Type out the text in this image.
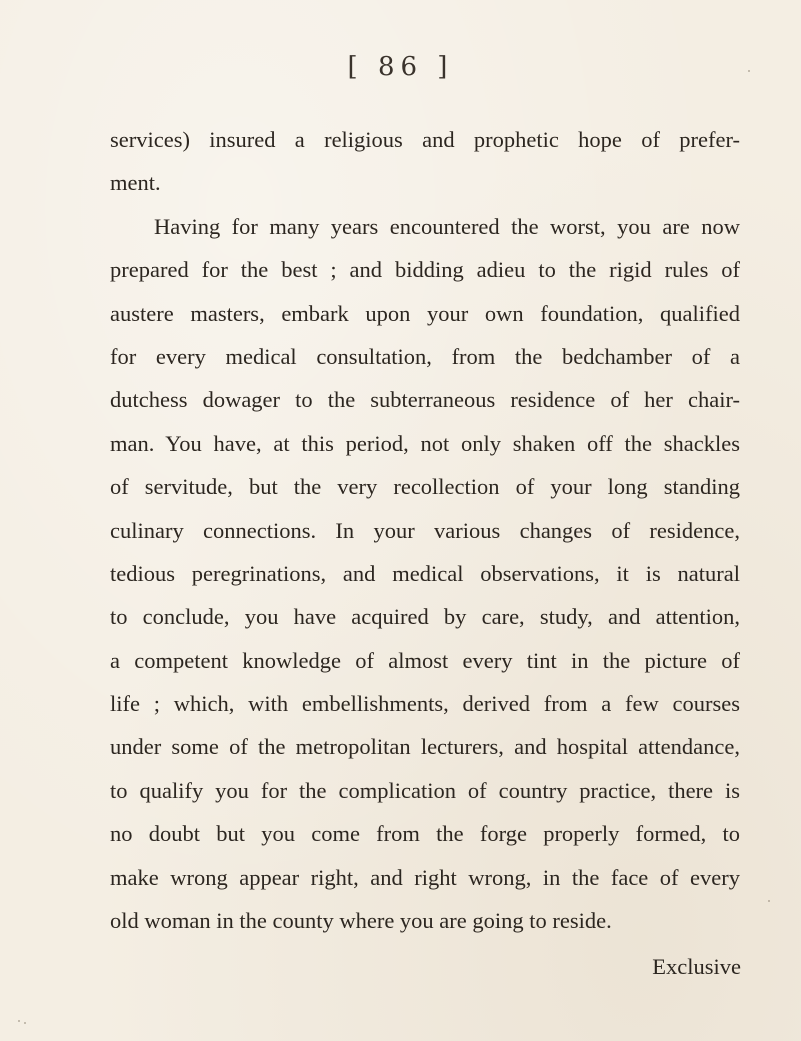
[ 86 ]
services) insured a religious and prophetic hope of prefer-
ment.
Having for many years encountered the worst, you are now
prepared for the best ; and bidding adieu to the rigid rules of
austere masters, embark upon your own foundation, qualified
for every medical consultation, from the bedchamber of a
dutchess dowager to the subterraneous residence of her chair-
man. You have, at this period, not only shaken off the shackles
of servitude, but the very recollection of your long standing
culinary connections. In your various changes of residence,
tedious peregrinations, and medical observations, it is natural
to conclude, you have acquired by care, study, and attention,
a competent knowledge of almost every tint in the picture of
life ; which, with embellishments, derived from a few courses
under some of the metropolitan lecturers, and hospital attendance,
to qualify you for the complication of country practice, there is
no doubt but you come from the forge properly formed, to
make wrong appear right, and right wrong, in the face of every
old woman in the county where you are going to reside.
Exclusive
